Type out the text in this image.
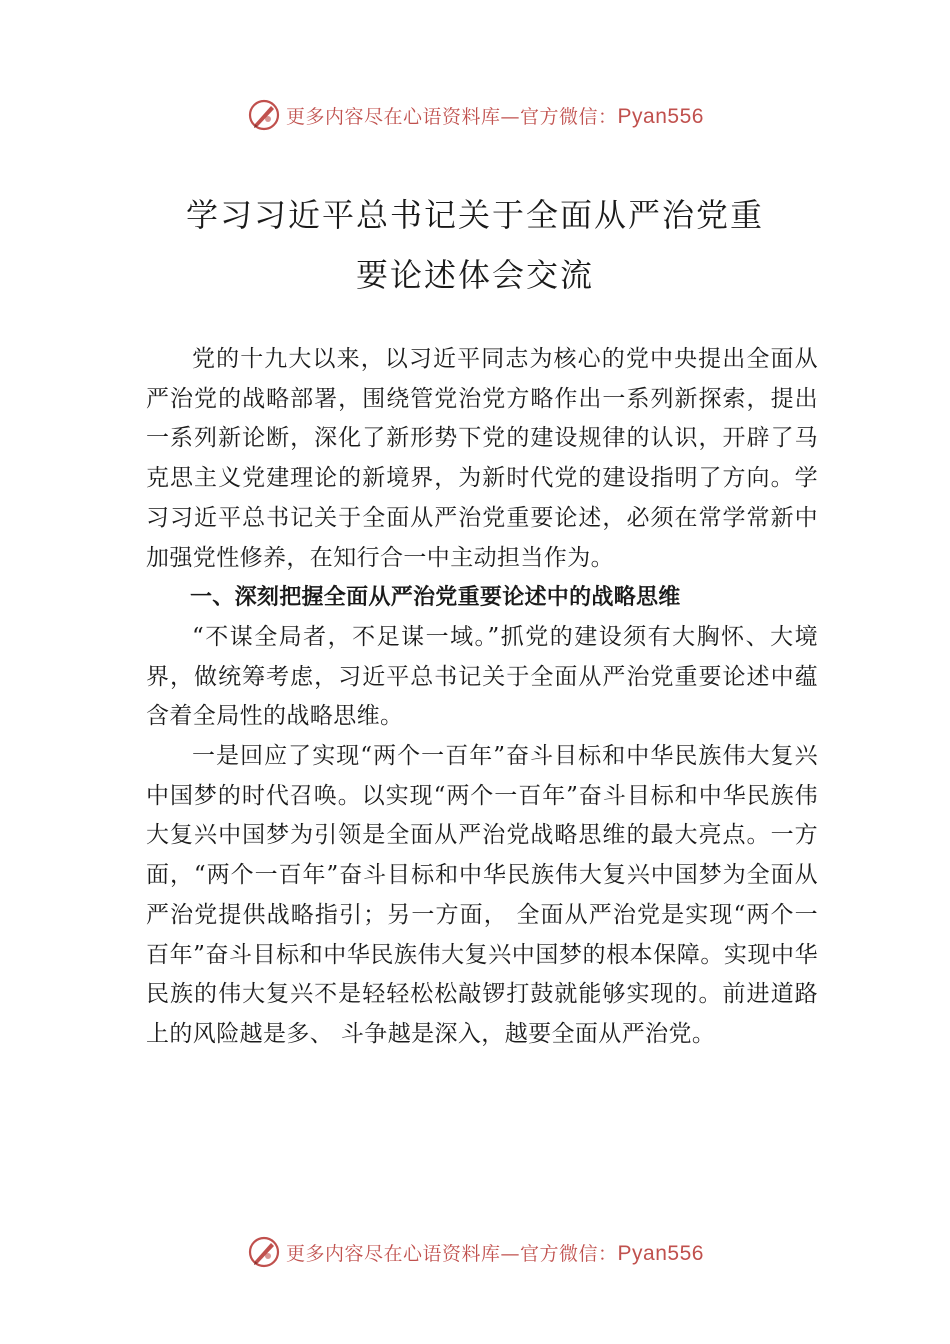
更多内容尽在心语资料库—官方微信：Pyan556
学习习近平总书记关于全面从严治党重
要论述体会交流

党的十九大以来，以习近平同志为核心的党中央提出全面从严治党的战略部署，围绕管党治党方略作出一系列新探索，提出一系列新论断，深化了新形势下党的建设规律的认识，开辟了马克思主义党建理论的新境界，为新时代党的建设指明了方向。学习习近平总书记关于全面从严治党重要论述，必须在常学常新中加强党性修养，在知行合一中主动担当作为。

一、深刻把握全面从严治党重要论述中的战略思维

“不谋全局者，不足谋一域。”抓党的建设须有大胸怀、大境界，做统筹考虑，习近平总书记关于全面从严治党重要论述中蕴含着全局性的战略思维。

一是回应了实现“两个一百年”奋斗目标和中华民族伟大复兴中国梦的时代召唤。以实现“两个一百年”奋斗目标和中华民族伟大复兴中国梦为引领是全面从严治党战略思维的最大亮点。一方面，“两个一百年”奋斗目标和中华民族伟大复兴中国梦为全面从严治党提供战略指引；另一方面， 全面从严治党是实现“两个一百年”奋斗目标和中华民族伟大复兴中国梦的根本保障。实现中华民族的伟大复兴不是轻轻松松敲锣打鼓就能够实现的。前进道路上的风险越是多、 斗争越是深入，越要全面从严治党。

更多内容尽在心语资料库—官方微信：Pyan556
